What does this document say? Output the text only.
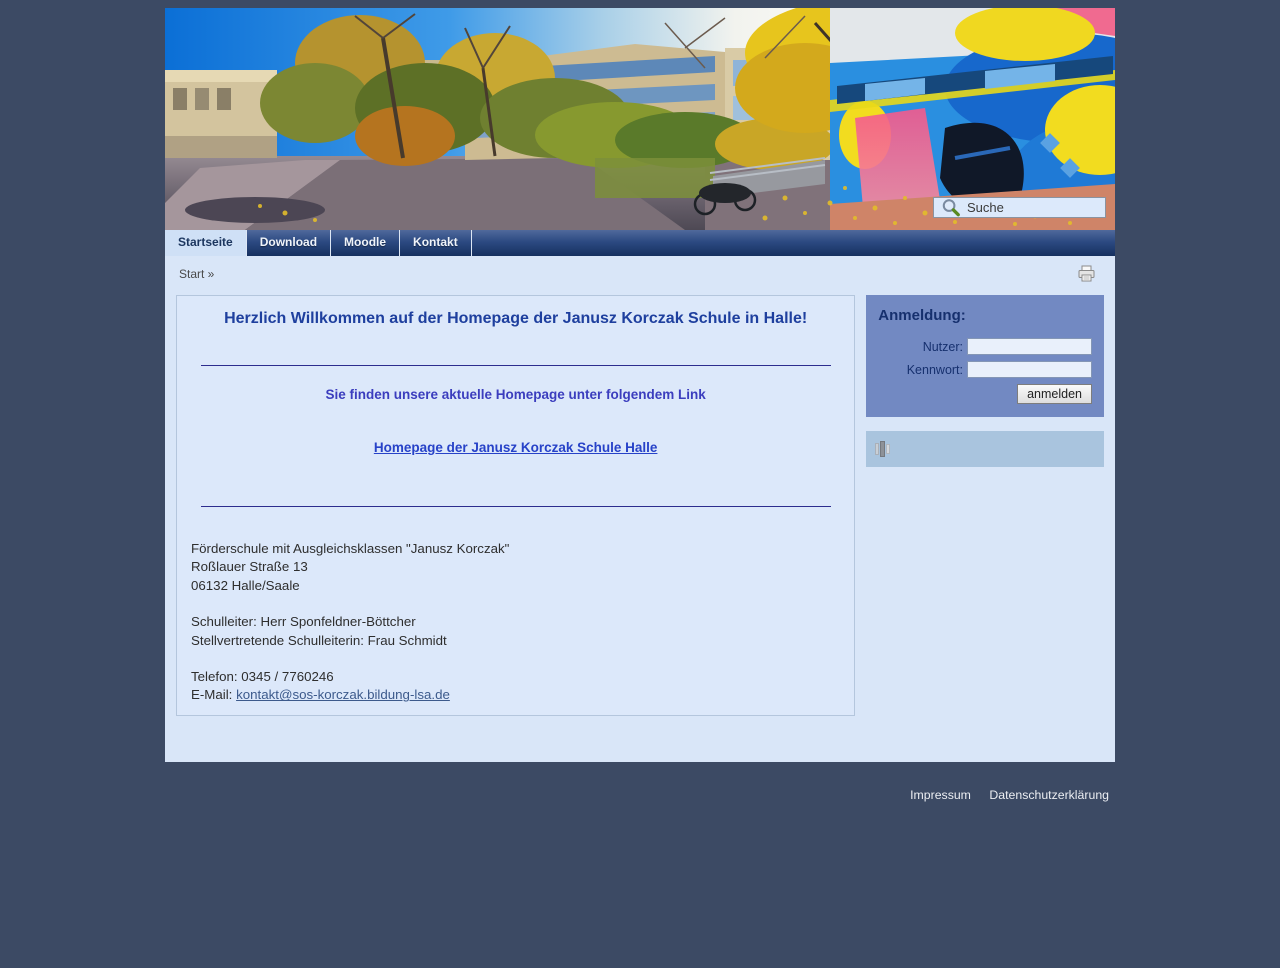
Suche
Startseite	Download	Moodle	Kontakt
Start »
Herzlich Willkommen auf der Homepage der Janusz Korczak Schule in Halle!

Sie finden unsere aktuelle Homepage unter folgendem Link

Homepage der Janusz Korczak Schule Halle

Förderschule mit Ausgleichsklassen "Janusz Korczak"
Roßlauer Straße 13
06132 Halle/Saale

Schulleiter: Herr Sponfeldner-Böttcher
Stellvertretende Schulleiterin: Frau Schmidt

Telefon: 0345 / 7760246
E-Mail: kontakt@sos-korczak.bildung-lsa.de

Anmeldung:
Nutzer:
Kennwort:
anmelden
Impressum Datenschutzerklärung
